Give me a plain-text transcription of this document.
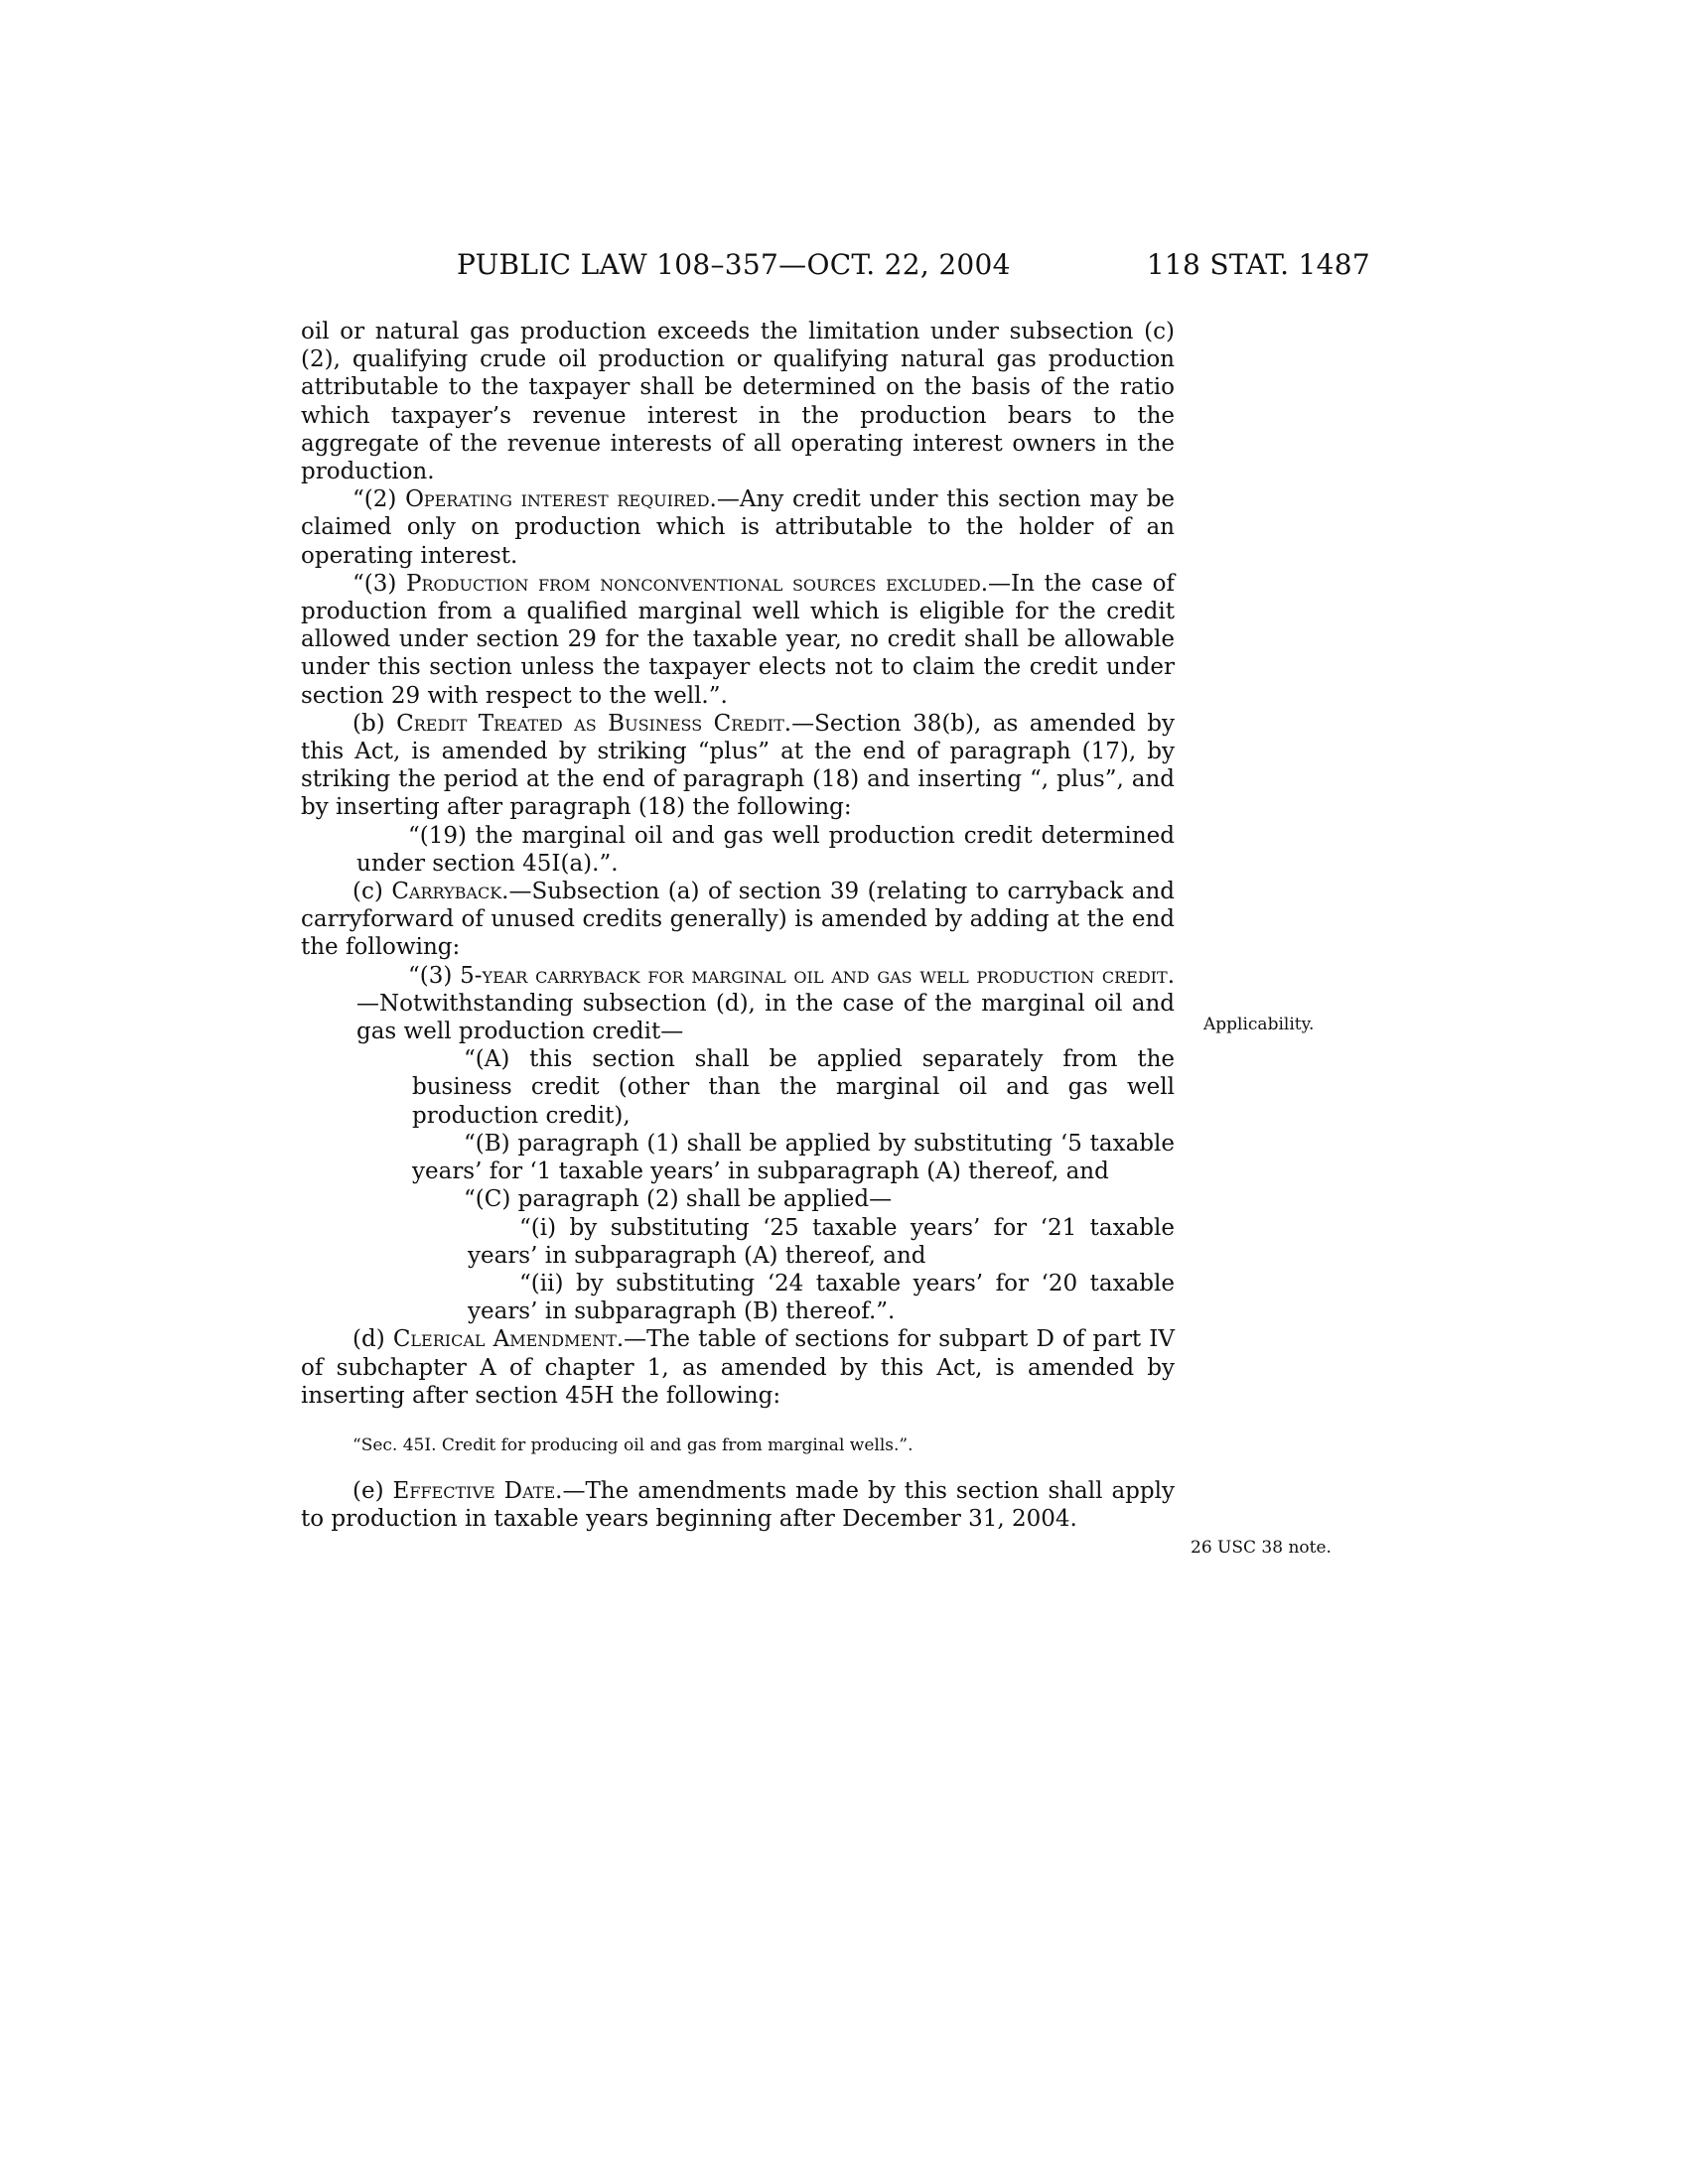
PUBLIC LAW 108–357—OCT. 22, 2004	118 STAT. 1487

oil or natural gas production exceeds the limitation under subsection (c)(2), qualifying crude oil production or qualifying natural gas production attributable to the taxpayer shall be determined on the basis of the ratio which taxpayer’s revenue interest in the production bears to the aggregate of the revenue interests of all operating interest owners in the production.

“(2) Operating interest required.—Any credit under this section may be claimed only on production which is attributable to the holder of an operating interest.

“(3) Production from nonconventional sources excluded.—In the case of production from a qualified marginal well which is eligible for the credit allowed under section 29 for the taxable year, no credit shall be allowable under this section unless the taxpayer elects not to claim the credit under section 29 with respect to the well.”.

(b) Credit Treated as Business Credit.—Section 38(b), as amended by this Act, is amended by striking “plus” at the end of paragraph (17), by striking the period at the end of paragraph (18) and inserting “, plus”, and by inserting after paragraph (18) the following:

“(19) the marginal oil and gas well production credit determined under section 45I(a).”.

(c) Carryback.—Subsection (a) of section 39 (relating to carryback and carryforward of unused credits generally) is amended by adding at the end the following:

“(3) 5-year carryback for marginal oil and gas well production credit.—Notwithstanding subsection (d), in the case of the marginal oil and gas well production credit—

“(A) this section shall be applied separately from the business credit (other than the marginal oil and gas well production credit),

“(B) paragraph (1) shall be applied by substituting ‘5 taxable years’ for ‘1 taxable years’ in subparagraph (A) thereof, and

“(C) paragraph (2) shall be applied—

“(i) by substituting ‘25 taxable years’ for ‘21 taxable years’ in subparagraph (A) thereof, and

“(ii) by substituting ‘24 taxable years’ for ‘20 taxable years’ in subparagraph (B) thereof.”.

(d) Clerical Amendment.—The table of sections for subpart D of part IV of subchapter A of chapter 1, as amended by this Act, is amended by inserting after section 45H the following:

“Sec. 45I. Credit for producing oil and gas from marginal wells.”.

(e) Effective Date.—The amendments made by this section shall apply to production in taxable years beginning after December 31, 2004.

Applicability.
26 USC 38 note.
